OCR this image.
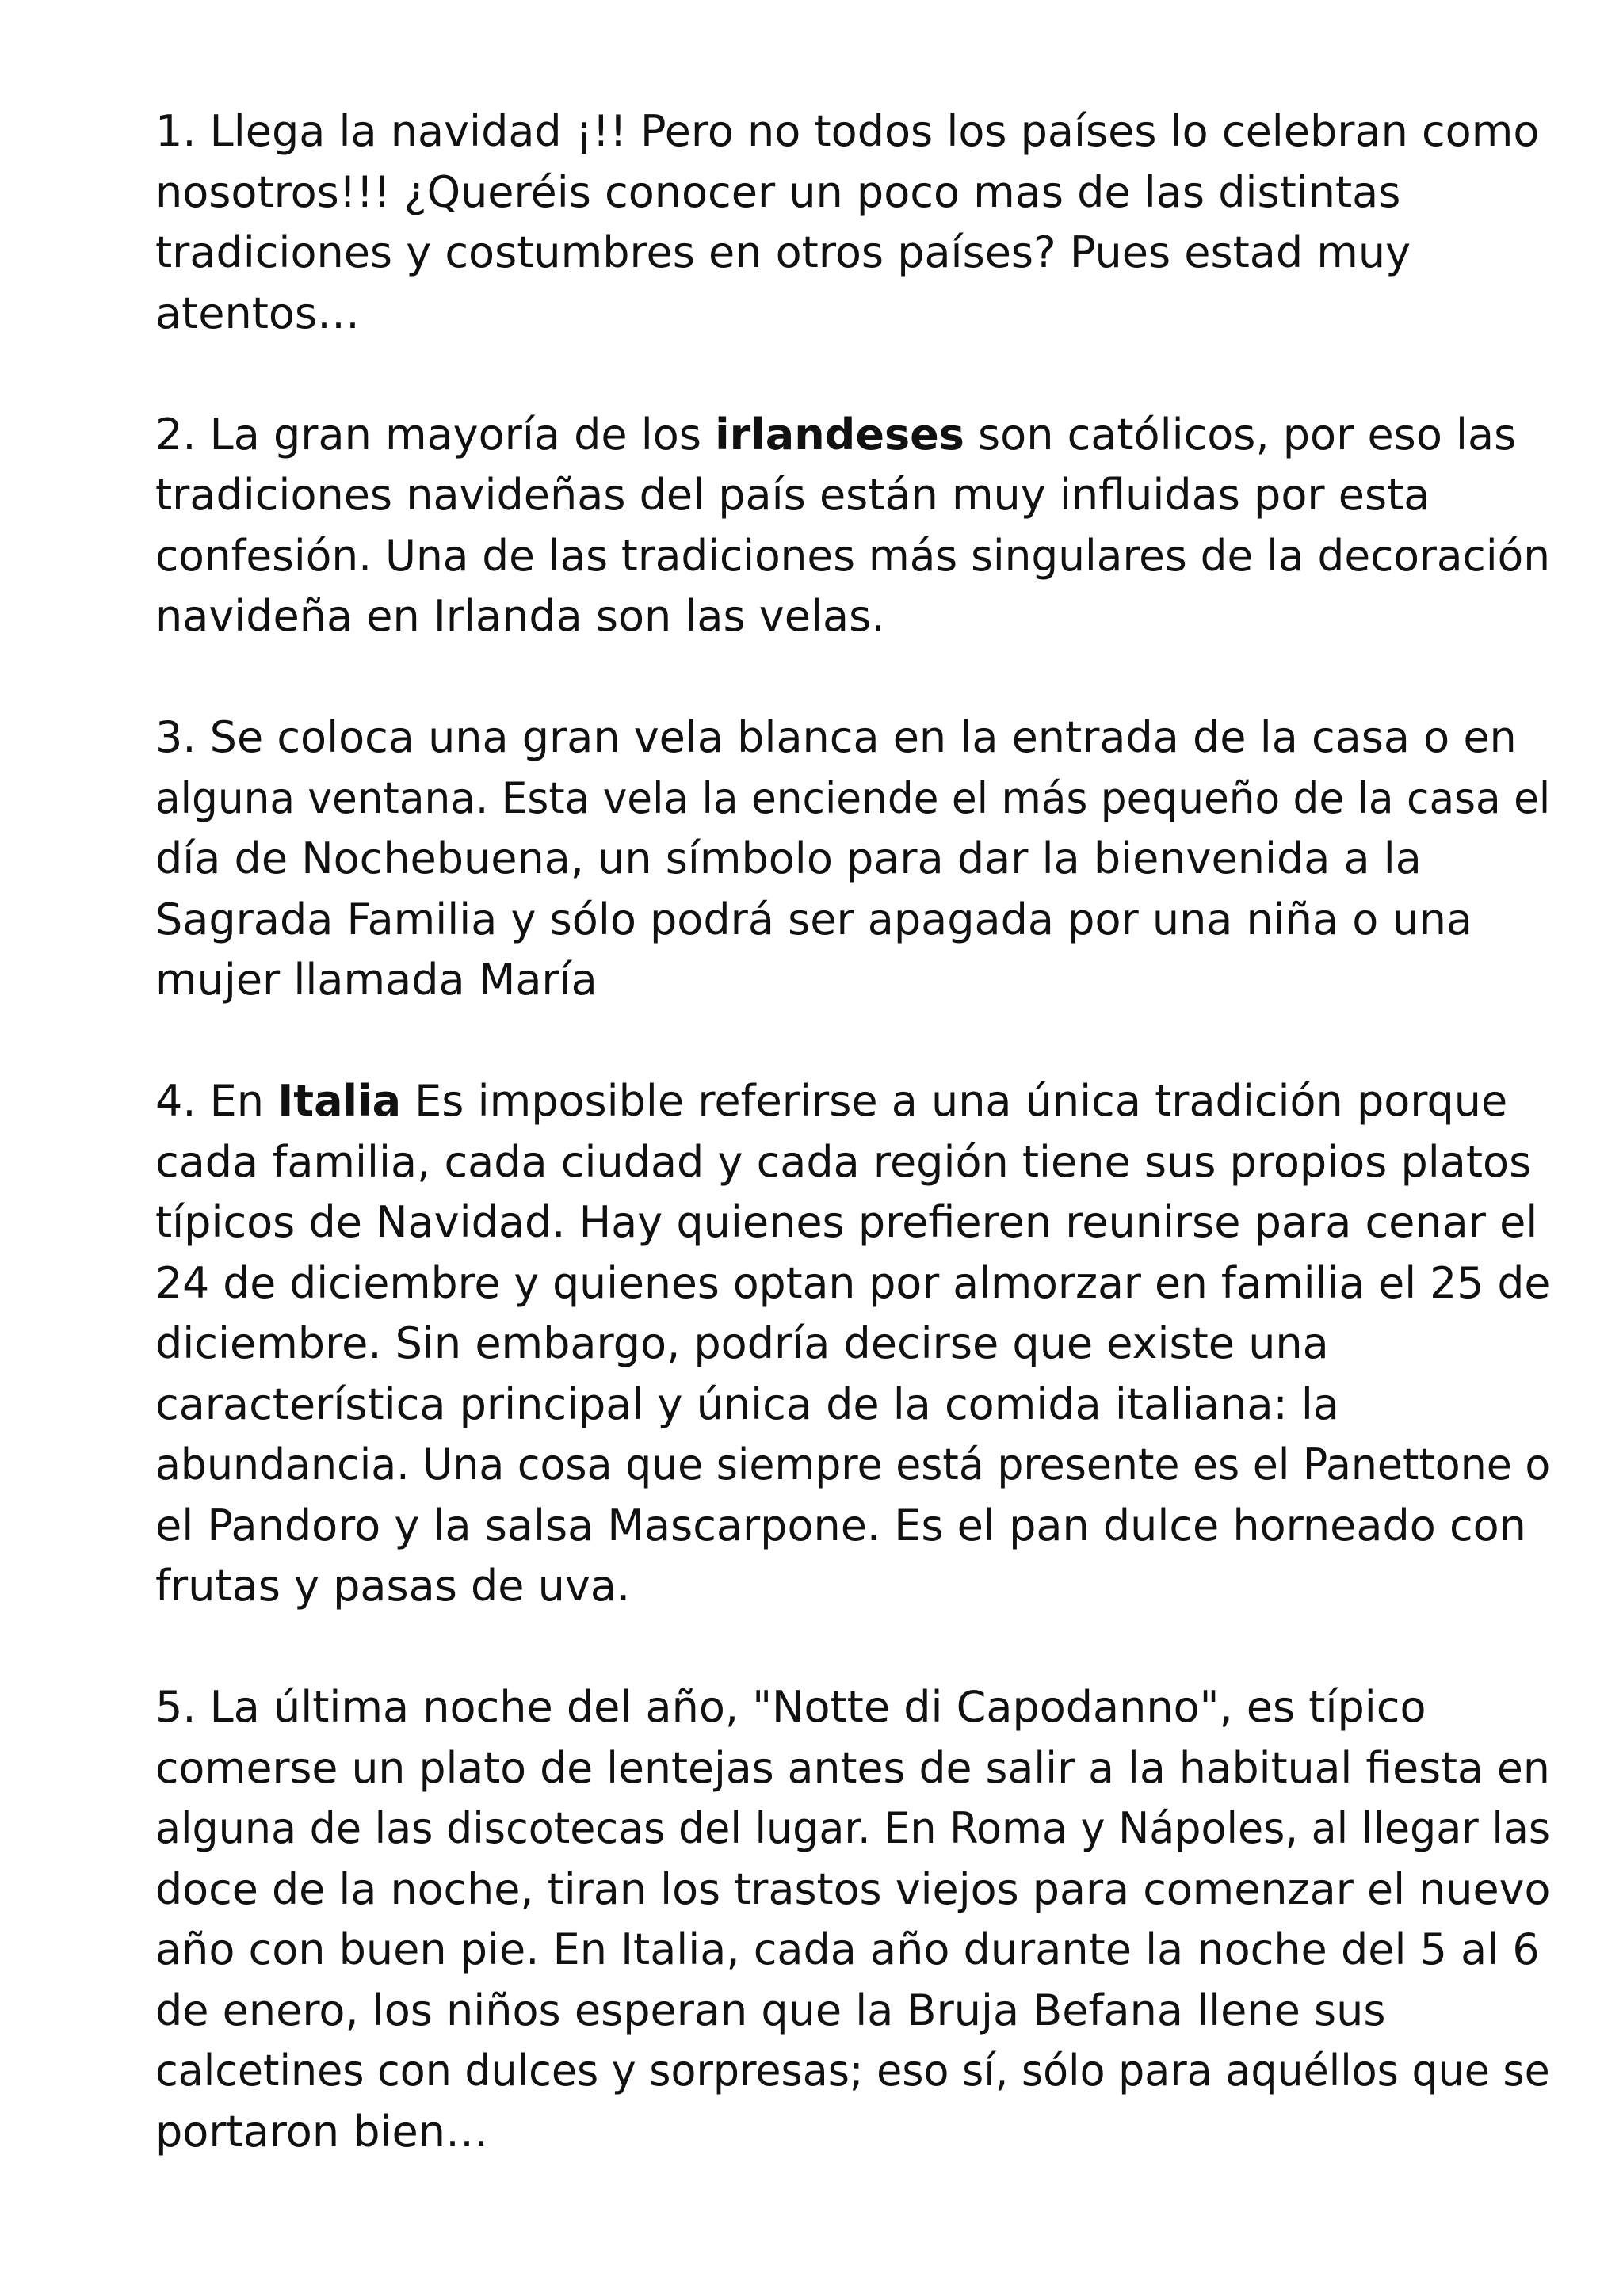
1. Llega la navidad ¡!! Pero no todos los países lo celebran como
nosotros!!! ¿Queréis conocer un poco mas de las distintas
tradiciones y costumbres en otros países? Pues estad muy
atentos…
2. La gran mayoría de los irlandeses son católicos, por eso las
tradiciones navideñas del país están muy influidas por esta
confesión. Una de las tradiciones más singulares de la decoración
navideña en Irlanda son las velas.
3. Se coloca una gran vela blanca en la entrada de la casa o en
alguna ventana. Esta vela la enciende el más pequeño de la casa el
día de Nochebuena, un símbolo para dar la bienvenida a la
Sagrada Familia y sólo podrá ser apagada por una niña o una
mujer llamada María
4. En Italia Es imposible referirse a una única tradición porque
cada familia, cada ciudad y cada región tiene sus propios platos
típicos de Navidad. Hay quienes prefieren reunirse para cenar el
24 de diciembre y quienes optan por almorzar en familia el 25 de
diciembre. Sin embargo, podría decirse que existe una
característica principal y única de la comida italiana: la
abundancia. Una cosa que siempre está presente es el Panettone o
el Pandoro y la salsa Mascarpone. Es el pan dulce horneado con
frutas y pasas de uva.
5. La última noche del año, "Notte di Capodanno", es típico
comerse un plato de lentejas antes de salir a la habitual fiesta en
alguna de las discotecas del lugar. En Roma y Nápoles, al llegar las
doce de la noche, tiran los trastos viejos para comenzar el nuevo
año con buen pie. En Italia, cada año durante la noche del 5 al 6
de enero, los niños esperan que la Bruja Befana llene sus
calcetines con dulces y sorpresas; eso sí, sólo para aquéllos que se
portaron bien…
